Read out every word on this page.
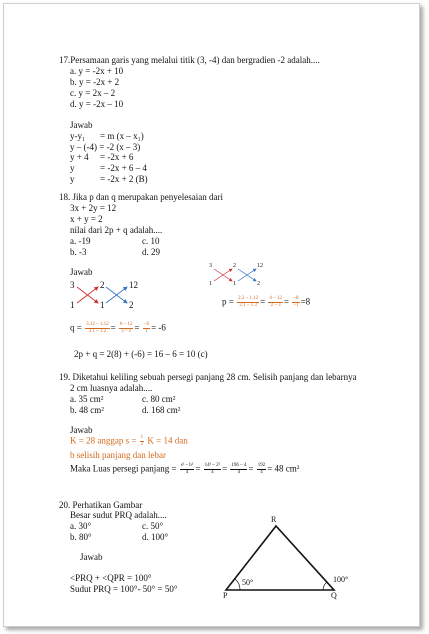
17.Persamaan garis yang melalui titik (3, -4) dan bergradien -2 adalah....
a. y = -2x + 10
b. y = -2x + 2
c. y = 2x – 2
d. y = -2x – 10
Jawab
y-y₁ = m (x – x₁)
y – (-4) = -2 (x – 3)
y + 4 = -2x + 6
y	= -2x + 6 – 4
y	= -2x + 2 (B)
18. Jika p dan q merupakan penyelesaian dari
3x + 2y = 12
x + y = 2
nilai dari 2p + q adalah....
a. -19	c. 10
b. -3	d. 29
Jawab
3	2	12
1	1	2
3	2	12
1	1	2
$p = \frac{2.2 - 1.12}{2.1 - 1.3} = \frac{4 - 12}{2 - 3} = \frac{-8}{-1} =8$
$q = \frac{3.12 - 1.12}{3.1 - 1.2} = \frac{6 - 12}{3 - 2} = \frac{-6}{1} = -6$
2p + q = 2(8) + (-6) = 16 – 6 = 10 (c)
19. Diketahui keliling sebuah persegi panjang 28 cm. Selisih panjang dan lebarnya
2 cm luasnya adalah....
a. 35 cm²	c. 80 cm²
b. 48 cm²	d. 168 cm²
Jawab
K = 28 anggap $s = \frac{1}{2}$ K = 14 dan
b selisih panjang dan lebar
Maka Luas persegi panjang = $\frac{\text{s² – b²}}{4} = \frac{\text{14² – 2²}}{4} = \frac{196 - 4}{4} = \frac{192}{4} = 48$ cm²
20. Perhatikan Gambar
Besar sudut PRQ adalah....
a. 30°	c. 50°
b. 80°	d. 100°
Jawab
<PRQ + <QPR = 100°
Sudut PRQ = 100°- 50° = 50°
R
P	Q
50°	100°
